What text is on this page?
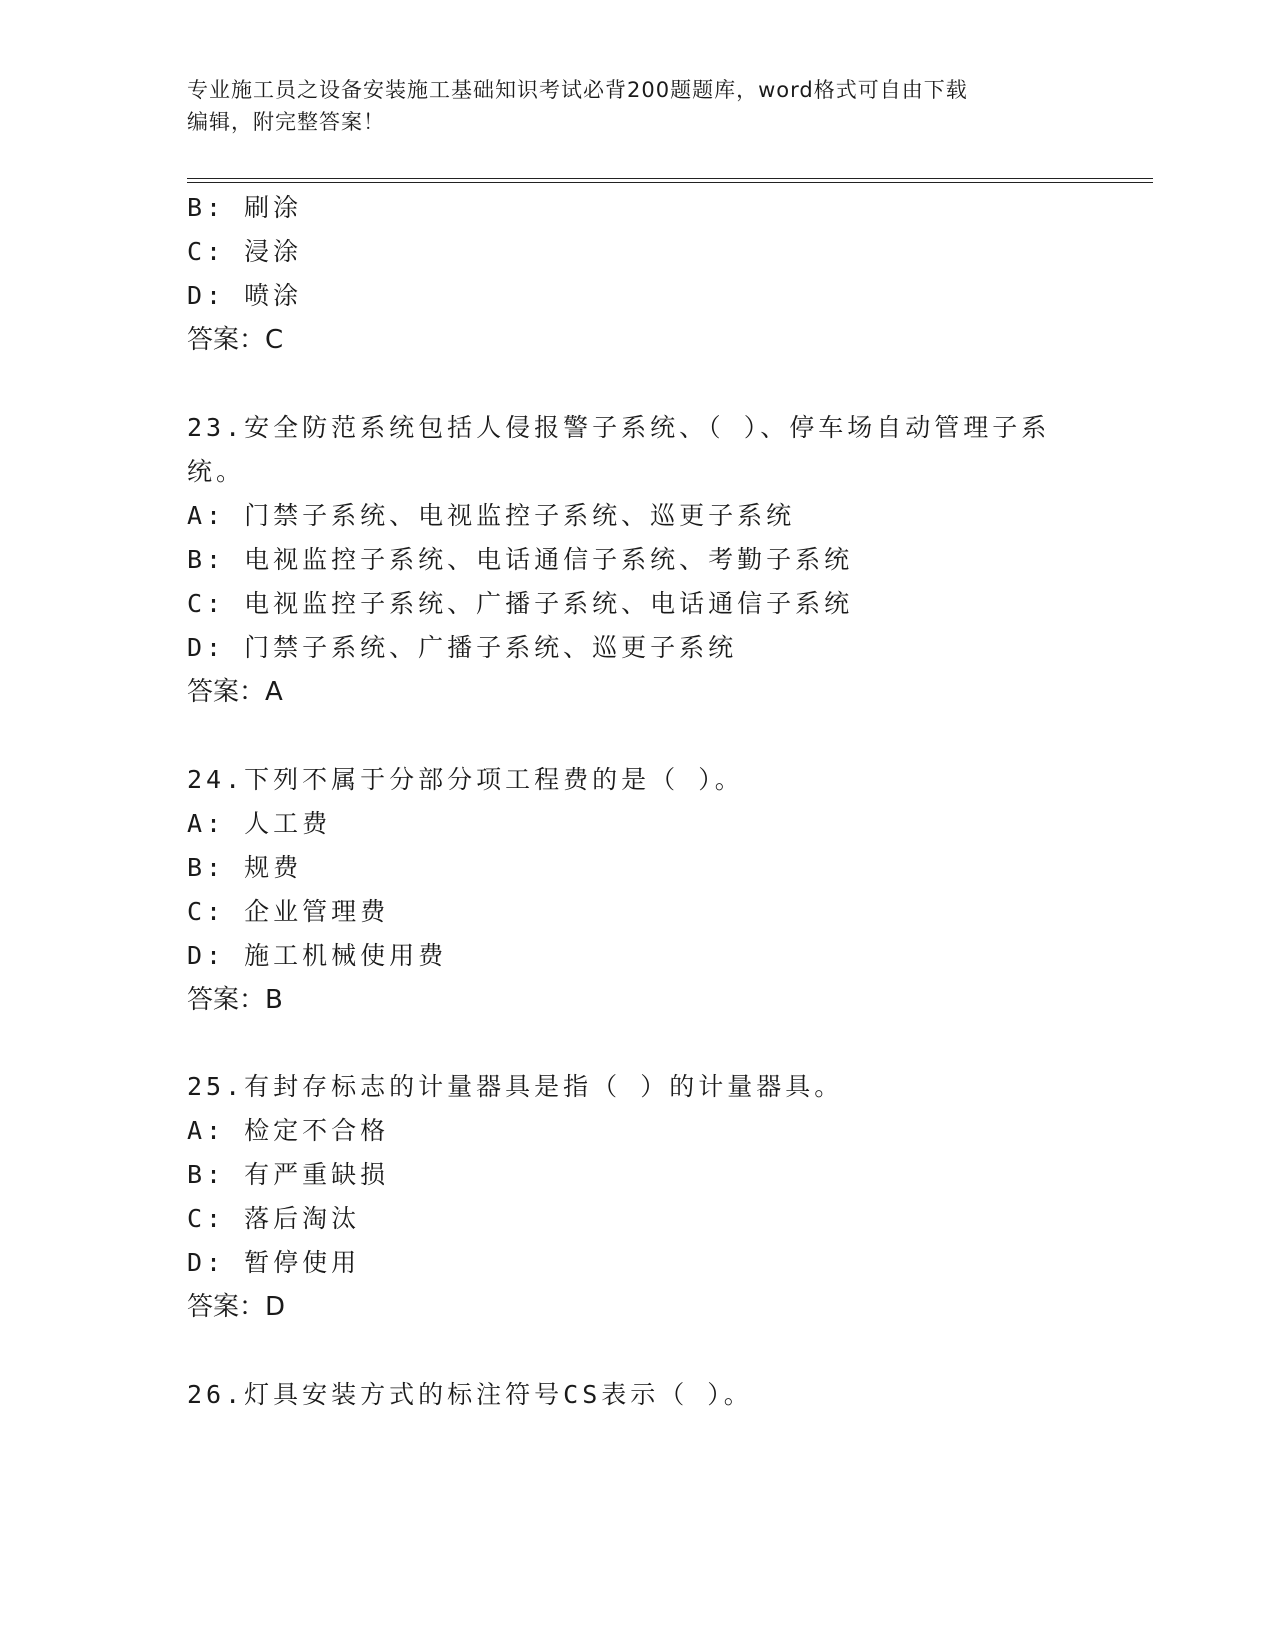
专业施工员之设备安装施工基础知识考试必背200题题库，word格式可自由下载
编辑，附完整答案！
B: 刷涂
C: 浸涂
D: 喷涂
答案：C
23.安全防范系统包括人侵报警子系统、（ ）、停车场自动管理子系
统。
A: 门禁子系统、电视监控子系统、巡更子系统
B: 电视监控子系统、电话通信子系统、考勤子系统
C: 电视监控子系统、广播子系统、电话通信子系统
D: 门禁子系统、广播子系统、巡更子系统
答案：A
24.下列不属于分部分项工程费的是（ ）。
A: 人工费
B: 规费
C: 企业管理费
D: 施工机械使用费
答案：B
25.有封存标志的计量器具是指（ ）的计量器具。
A: 检定不合格
B: 有严重缺损
C: 落后淘汰
D: 暂停使用
答案：D
26.灯具安装方式的标注符号CS表示（ ）。
